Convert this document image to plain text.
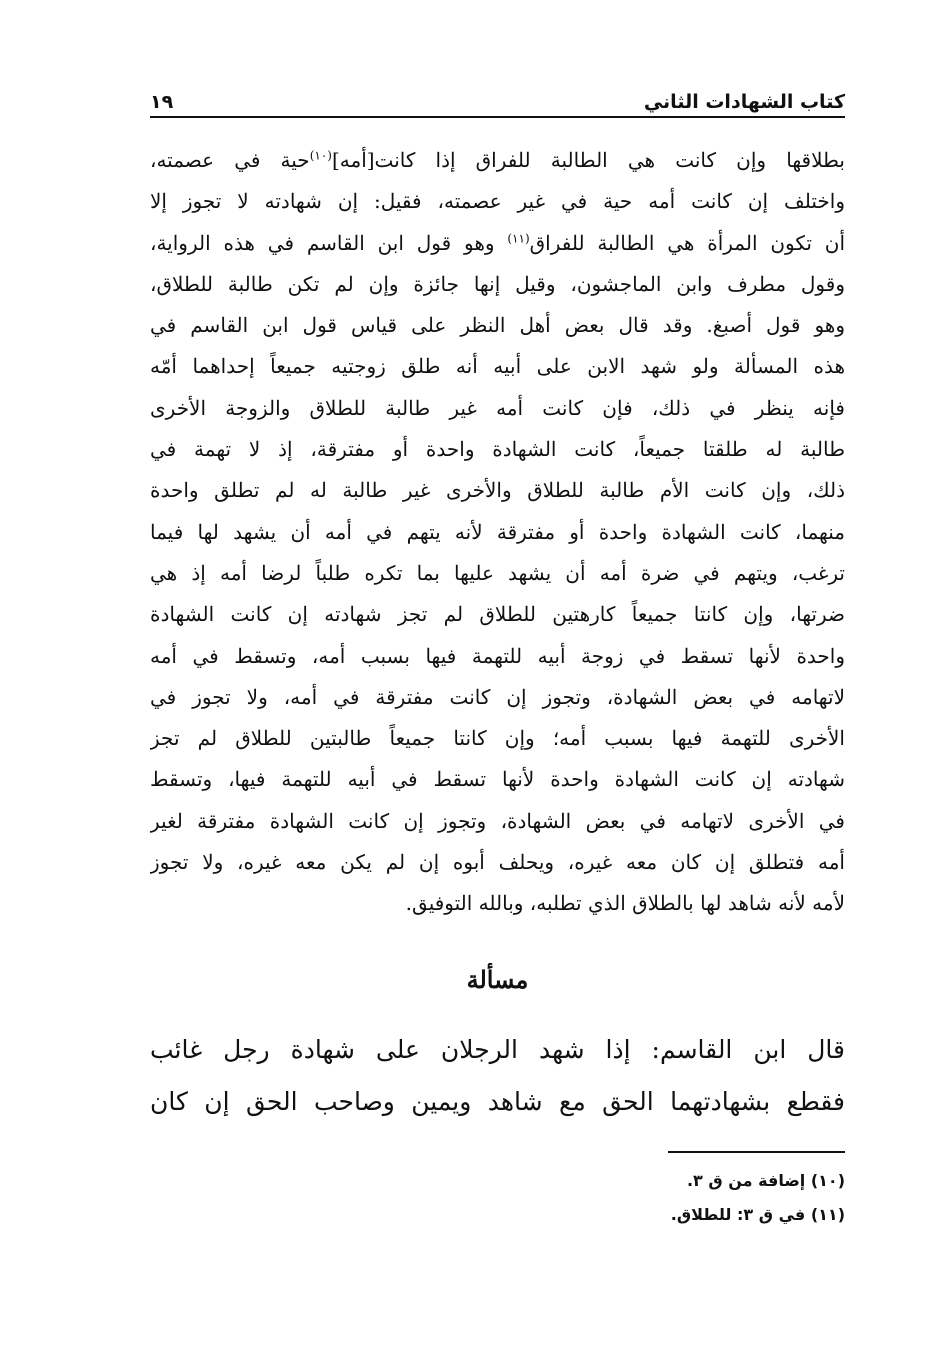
١٩	كتاب الشهادات الثاني
بطلاقها وإن كانت هي الطالبة للفراق إذا كانت[أمه]$^{(١٠)}$حية في عصمته،
واختلف إن كانت أمه حية في غير عصمته، فقيل: إن شهادته لا تجوز إلا
أن تكون المرأة هي الطالبة للفراق$^{(١١)}$ وهو قول ابن القاسم في هذه الرواية،
وقول مطرف وابن الماجشون، وقيل إنها جائزة وإن لم تكن طالبة للطلاق،
وهو قول أصبغ. وقد قال بعض أهل النظر على قياس قول ابن القاسم في
هذه المسألة ولو شهد الابن على أبيه أنه طلق زوجتيه جميعاً إحداهما أمّه
فإنه ينظر في ذلك، فإن كانت أمه غير طالبة للطلاق والزوجة الأخرى
طالبة له طلقتا جميعاً، كانت الشهادة واحدة أو مفترقة، إذ لا تهمة في
ذلك، وإن كانت الأم طالبة للطلاق والأخرى غير طالبة له لم تطلق واحدة
منهما، كانت الشهادة واحدة أو مفترقة لأنه يتهم في أمه أن يشهد لها فيما
ترغب، ويتهم في ضرة أمه أن يشهد عليها بما تكره طلباً لرضا أمه إذ هي
ضرتها، وإن كانتا جميعاً كارهتين للطلاق لم تجز شهادته إن كانت الشهادة
واحدة لأنها تسقط في زوجة أبيه للتهمة فيها بسبب أمه، وتسقط في أمه
لاتهامه في بعض الشهادة، وتجوز إن كانت مفترقة في أمه، ولا تجوز في
الأخرى للتهمة فيها بسبب أمه؛ وإن كانتا جميعاً طالبتين للطلاق لم تجز
شهادته إن كانت الشهادة واحدة لأنها تسقط في أبيه للتهمة فيها، وتسقط
في الأخرى لاتهامه في بعض الشهادة، وتجوز إن كانت الشهادة مفترقة لغير
أمه فتطلق إن كان معه غيره، ويحلف أبوه إن لم يكن معه غيره، ولا تجوز
لأمه لأنه شاهد لها بالطلاق الذي تطلبه، وبالله التوفيق.
مسألة
قال ابن القاسم: إذا شهد الرجلان على شهادة رجل غائب
فقطع بشهادتهما الحق مع شاهد ويمين وصاحب الحق إن كان
(١٠) إضافة من ق ٣.
(١١) في ق ٣: للطلاق.
